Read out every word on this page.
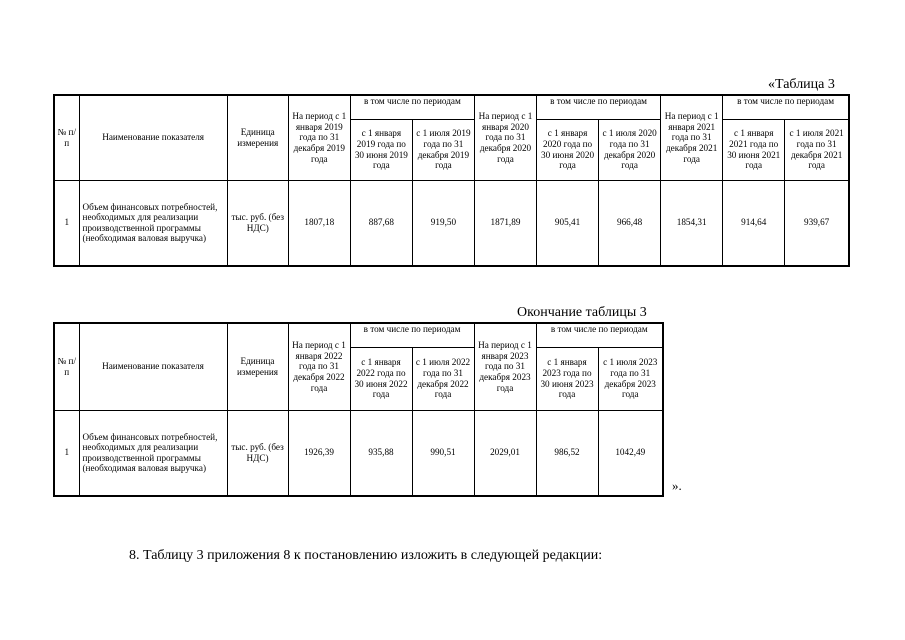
«Таблица 3
№ п/п	Наименование показателя	Единица измерения	На период с 1 января 2019 года по 31 декабря 2019 года	в том числе по периодам		На период с 1 января 2020 года по 31 декабря 2020 года	в том числе по периодам		На период с 1 января 2021 года по 31 декабря 2021 года	в том числе по периодам	
				с 1 января 2019 года по 30 июня 2019 года	с 1 июля 2019 года по 31 декабря 2019 года		с 1 января 2020 года по 30 июня 2020 года	с 1 июля 2020 года по 31 декабря 2020 года		с 1 января 2021 года по 30 июня 2021 года	с 1 июля 2021 года по 31 декабря 2021 года
1	Объем финансовых потребностей, необходимых для реализации производственной программы (необходимая валовая выручка)	тыс. руб. (без НДС)	1807,18	887,68	919,50	1871,89	905,41	966,48	1854,31	914,64	939,67
Окончание таблицы 3
№ п/п	Наименование показателя	Единица измерения	На период с 1 января 2022 года по 31 декабря 2022 года	в том числе по периодам		На период с 1 января 2023 года по 31 декабря 2023 года	в том числе по периодам	
				с 1 января 2022 года по 30 июня 2022 года	с 1 июля 2022 года по 31 декабря 2022 года		с 1 января 2023 года по 30 июня 2023 года	с 1 июля 2023 года по 31 декабря 2023 года
1	Объем финансовых потребностей, необходимых для реализации производственной программы (необходимая валовая выручка)	тыс. руб. (без НДС)	1926,39	935,88	990,51	2029,01	986,52	1042,49
».
8. Таблицу 3 приложения 8 к постановлению изложить в следующей редакции:
